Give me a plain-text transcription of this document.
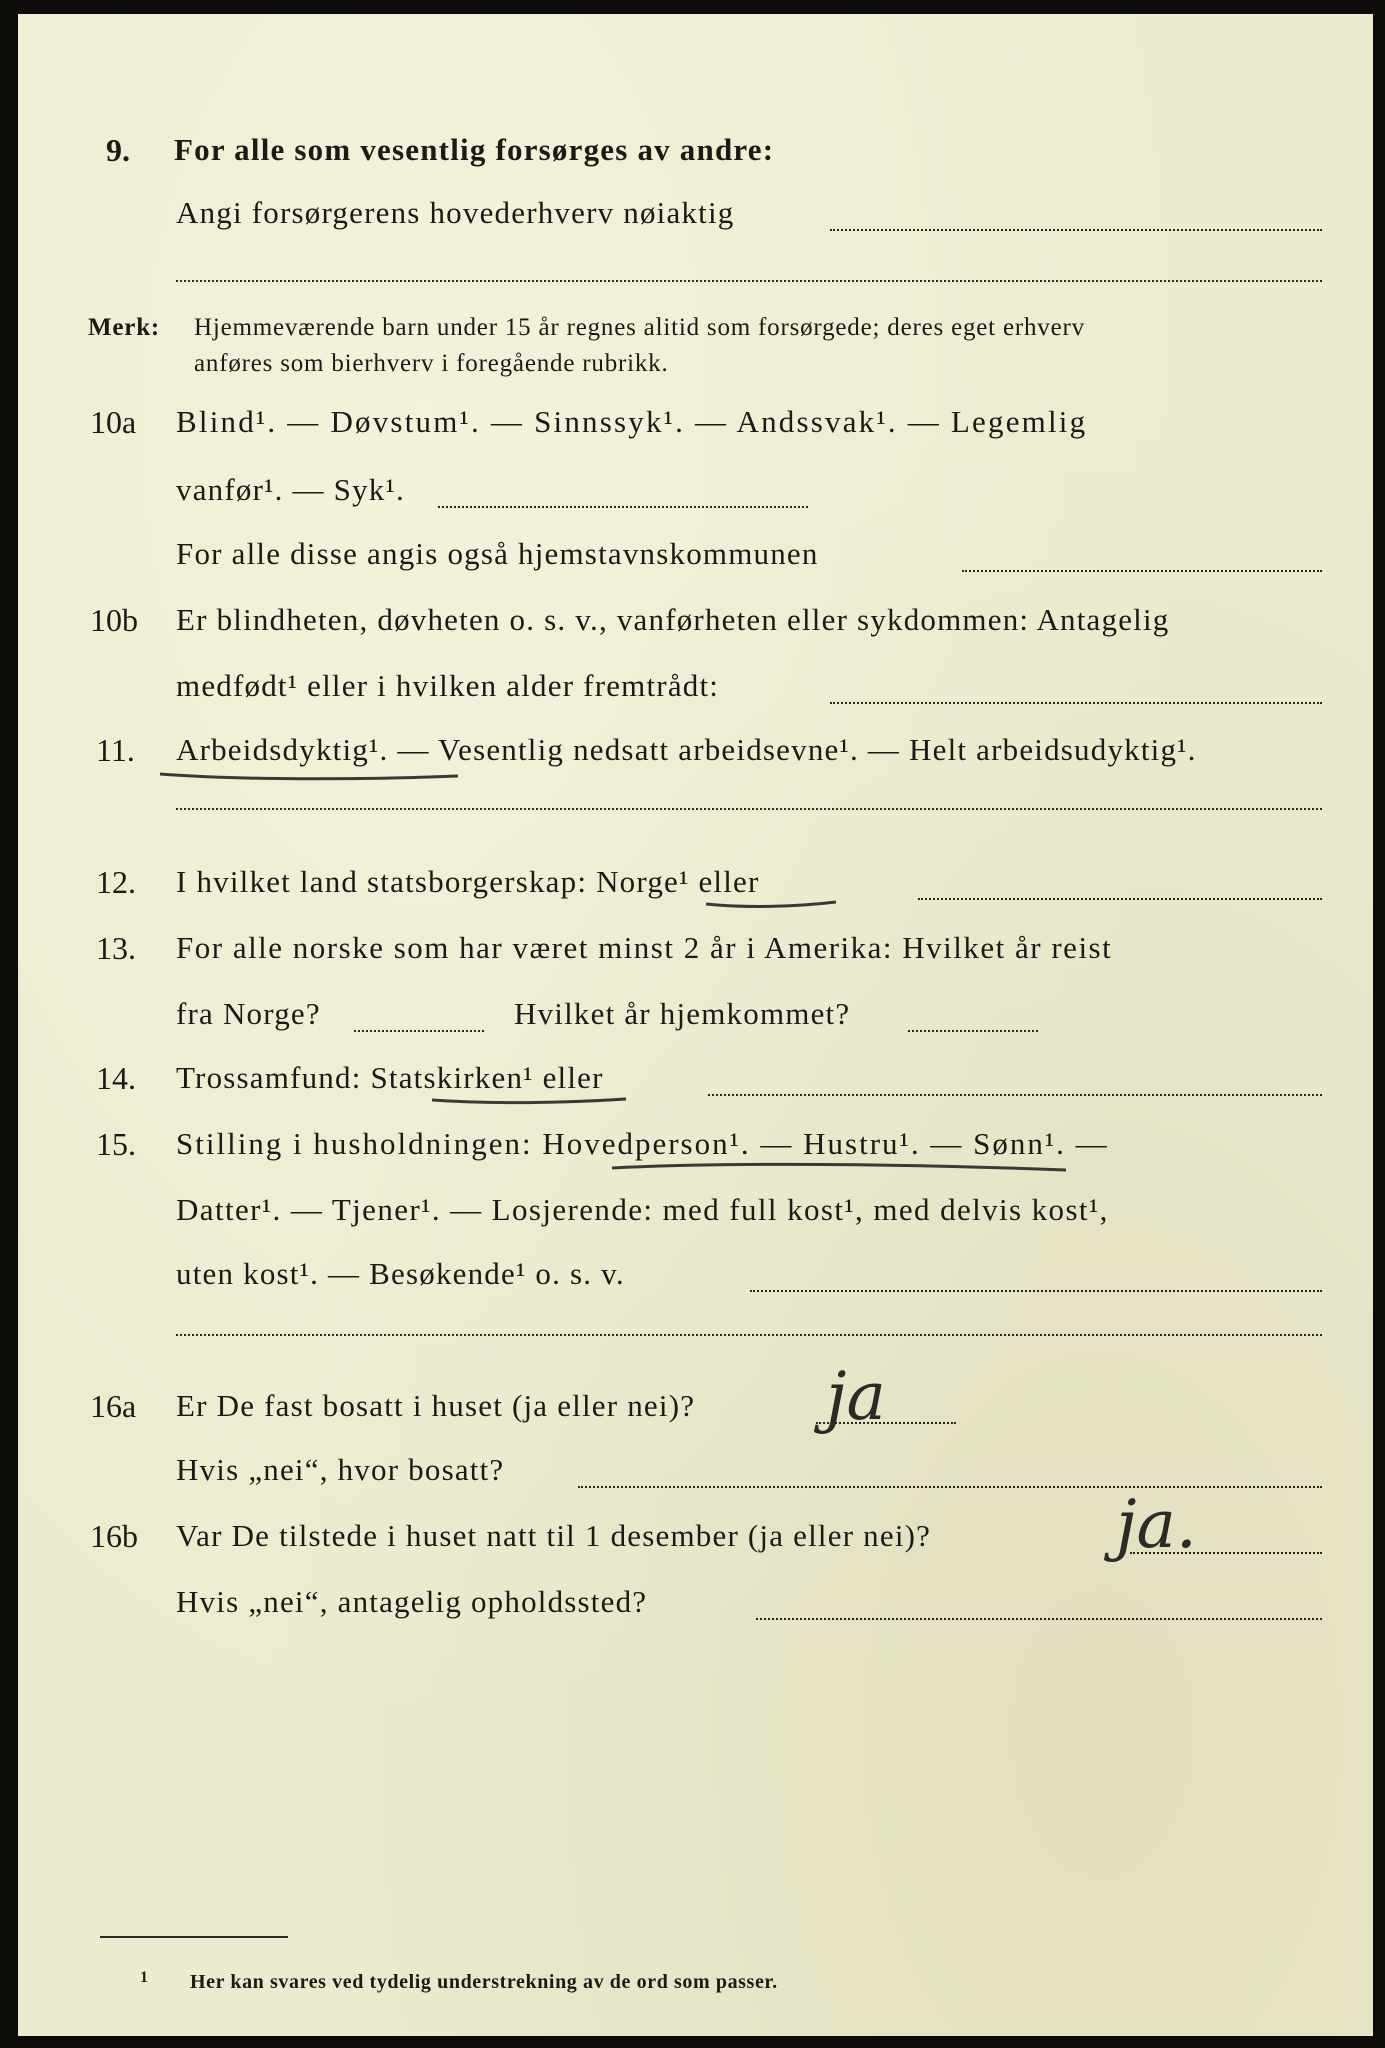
9. For alle som vesentlig forsørges av andre:
Angi forsørgerens hovederhverv nøiaktig
Merk: Hjemmeværende barn under 15 år regnes alitid som forsørgede; deres eget erhverv
anføres som bierhverv i foregående rubrikk.
10a Blind¹. — Døvstum¹. — Sinnssyk¹. — Andssvak¹. — Legemlig
vanfør¹. — Syk¹.
For alle disse angis også hjemstavnskommunen
10b Er blindheten, døvheten o. s. v., vanførheten eller sykdommen: Antagelig
medfødt¹ eller i hvilken alder fremtrådt:
11. Arbeidsdyktig¹. — Vesentlig nedsatt arbeidsevne¹. — Helt arbeidsudyktig¹.
12. I hvilket land statsborgerskap: Norge¹ eller
13. For alle norske som har været minst 2 år i Amerika: Hvilket år reist
fra Norge?	Hvilket år hjemkommet?
14. Trossamfund: Statskirken¹ eller
15. Stilling i husholdningen: Hovedperson¹. — Hustru¹. — Sønn¹. —
Datter¹. — Tjener¹. — Losjerende: med full kost¹, med delvis kost¹,
uten kost¹. — Besøkende¹ o. s. v.
16a Er De fast bosatt i huset (ja eller nei)? ja
Hvis „nei“, hvor bosatt?
16b Var De tilstede i huset natt til 1 desember (ja eller nei)?	ja.
Hvis „nei“, antagelig opholdssted?
1 Her kan svares ved tydelig understrekning av de ord som passer.
